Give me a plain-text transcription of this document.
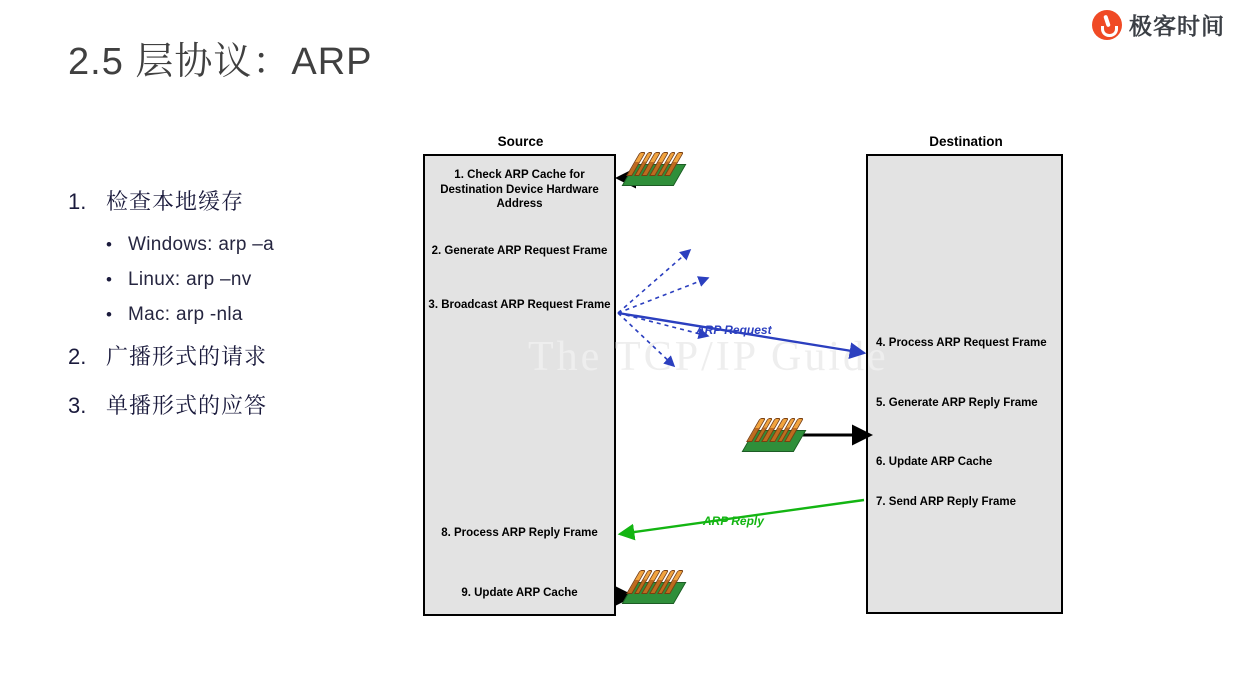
极客时间
2.5 层协议：ARP
1. 检查本地缓存
• Windows: arp –a
• Linux: arp –nv
• Mac: arp -nla
2. 广播形式的请求
3. 单播形式的应答
Source	Destination
The TCP/IP Guide
1. Check ARP Cache for Destination Device Hardware Address
2. Generate ARP Request Frame
3. Broadcast ARP Request Frame
8. Process ARP Reply Frame
9. Update ARP Cache
4. Process ARP Request Frame
5. Generate ARP Reply Frame
6. Update ARP Cache
7. Send ARP Reply Frame
ARP Request
ARP Reply
